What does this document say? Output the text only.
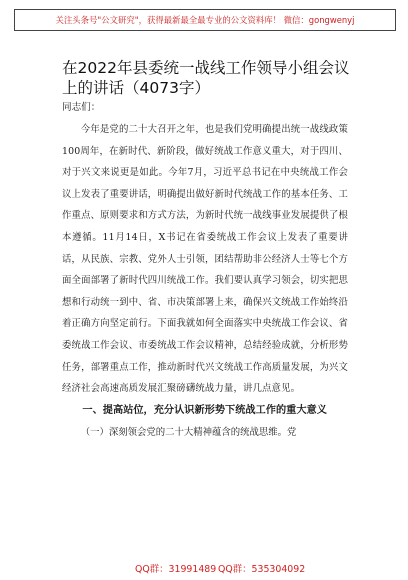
关注头条号"公文研究"，获得最新最全最专业的公文资料库！ 微信：gongwenyj
在2022年县委统一战线工作领导小组会议上的讲话（4073字）
同志们：

今年是党的二十大召开之年，也是我们党明确提出统一战线政策100周年，在新时代、新阶段，做好统战工作意义重大，对于四川、对于兴文来说更是如此。今年7月，习近平总书记在中央统战工作会议上发表了重要讲话，明确提出做好新时代统战工作的基本任务、工作重点、原则要求和方式方法，为新时代统一战线事业发展提供了根本遵循。11月14日，X书记在省委统战工作会议上发表了重要讲话，从民族、宗教、党外人士引领，团结帮助非公经济人士等七个方面全面部署了新时代四川统战工作。我们要认真学习领会，切实把思想和行动统一到中、省、市决策部署上来，确保兴文统战工作始终沿着正确方向坚定前行。下面我就如何全面落实中央统战工作会议、省委统战工作会议、市委统战工作会议精神，总结经验成就，分析形势任务，部署重点工作，推动新时代兴文统战工作高质量发展，为兴文经济社会高速高质发展汇聚磅礴统战力量，讲几点意见。

一、提高站位，充分认识新形势下统战工作的重大意义

（一）深刻领会党的二十大精神蕴含的统战思维。党

QQ群：31991489 QQ群：535304092
